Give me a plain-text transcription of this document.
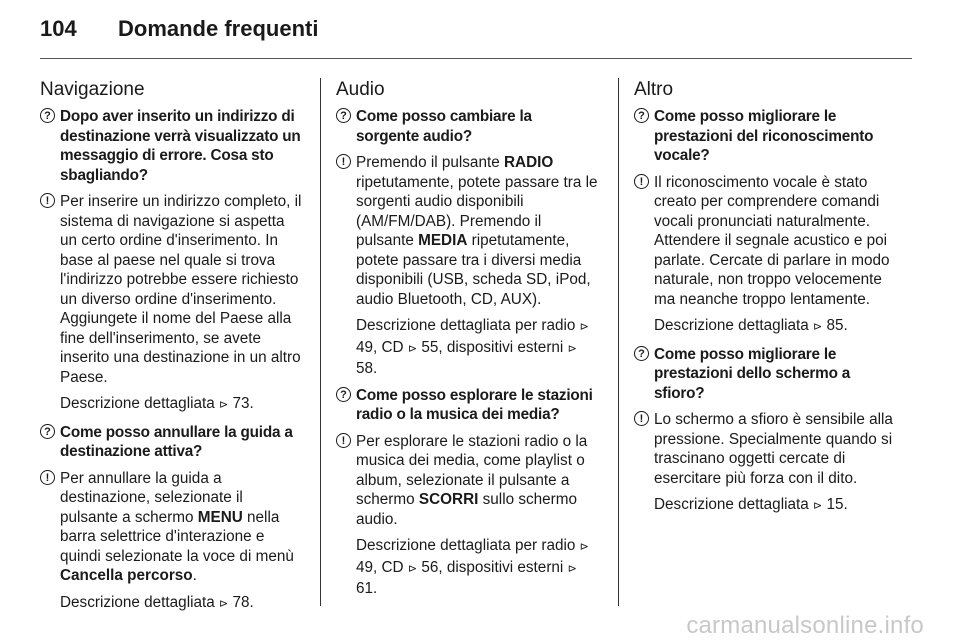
104 Domande frequenti
Navigazione
? Dopo aver inserito un indirizzo di destinazione verrà visualizzato un messaggio di errore. Cosa sto sbagliando?
! Per inserire un indirizzo completo, il sistema di navigazione si aspetta un certo ordine d'inserimento. In base al paese nel quale si trova l'indirizzo potrebbe essere richiesto un diverso ordine d'inserimento. Aggiungete il nome del Paese alla fine dell'inserimento, se avete inserito una destinazione in un altro Paese.
Descrizione dettagliata ⊳ 73.
? Come posso annullare la guida a destinazione attiva?
! Per annullare la guida a destinazione, selezionate il pulsante a schermo MENU nella barra selettrice d'interazione e quindi selezionate la voce di menù Cancella percorso.
Descrizione dettagliata ⊳ 78.
Audio
? Come posso cambiare la sorgente audio?
! Premendo il pulsante RADIO ripetutamente, potete passare tra le sorgenti audio disponibili (AM/FM/DAB). Premendo il pulsante MEDIA ripetutamente, potete passare tra i diversi media disponibili (USB, scheda SD, iPod, audio Bluetooth, CD, AUX).
Descrizione dettagliata per radio ⊳ 49, CD ⊳ 55, dispositivi esterni ⊳ 58.
? Come posso esplorare le stazioni radio o la musica dei media?
! Per esplorare le stazioni radio o la musica dei media, come playlist o album, selezionate il pulsante a schermo SCORRI sullo schermo audio.
Descrizione dettagliata per radio ⊳ 49, CD ⊳ 56, dispositivi esterni ⊳ 61.
Altro
? Come posso migliorare le prestazioni del riconoscimento vocale?
! Il riconoscimento vocale è stato creato per comprendere comandi vocali pronunciati naturalmente. Attendere il segnale acustico e poi parlate. Cercate di parlare in modo naturale, non troppo velocemente ma neanche troppo lentamente.
Descrizione dettagliata ⊳ 85.
? Come posso migliorare le prestazioni dello schermo a sfioro?
! Lo schermo a sfioro è sensibile alla pressione. Specialmente quando si trascinano oggetti cercate di esercitare più forza con il dito.
Descrizione dettagliata ⊳ 15.
carmanualsonline.info
